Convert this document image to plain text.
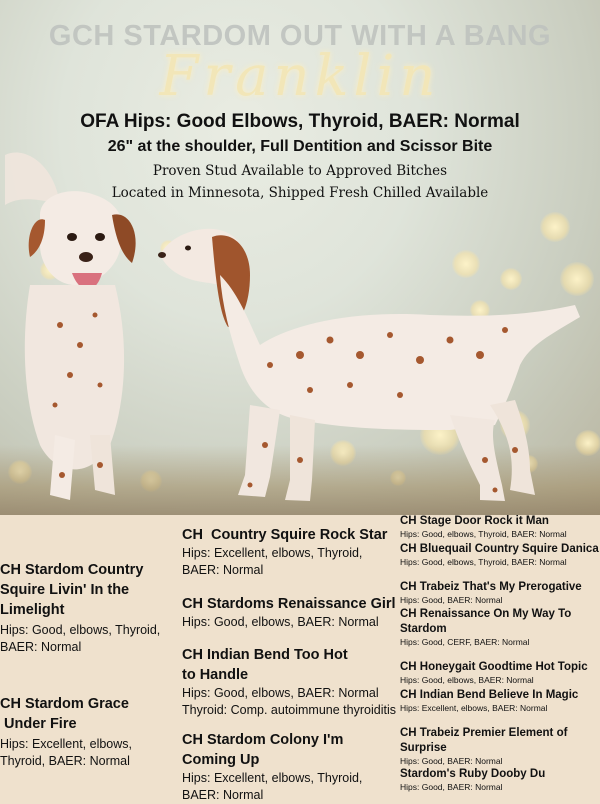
GCH STARDOM OUT WITH A BANG
Franklin
OFA Hips: Good Elbows, Thyroid, BAER: Normal
26" at the shoulder, Full Dentition and Scissor Bite
Proven Stud Available to Approved Bitches
Located in Minnesota, Shipped Fresh Chilled Available
CH Stardom Country
Squire Livin' In the
Limelight
Hips: Good, elbows, Thyroid,
BAER: Normal
CH Stardom Grace
Under Fire
Hips: Excellent, elbows,
Thyroid, BAER: Normal
CH  Country Squire Rock Star
Hips: Excellent, elbows, Thyroid,
BAER: Normal
CH Stardoms Renaissance Girl
Hips: Good, elbows, BAER: Normal
CH Indian Bend Too Hot
to Handle
Hips: Good, elbows, BAER: Normal
Thyroid: Comp. autoimmune thyroiditis
CH Stardom Colony I'm
Coming Up
Hips: Excellent, elbows, Thyroid,
BAER: Normal
CH Stage Door Rock it Man
Hips: Good, elbows, Thyroid, BAER: Normal
CH Bluequail Country Squire Danica
Hips: Good, elbows, Thyroid, BAER: Normal
CH Trabeiz That's My Prerogative
Hips: Good, BAER: Normal
CH Renaissance On My Way To
Stardom
Hips: Good, CERF, BAER: Normal
CH Honeygait Goodtime Hot Topic
Hips: Good, elbows, BAER: Normal
CH Indian Bend Believe In Magic
Hips: Excellent, elbows, BAER: Normal
CH Trabeiz Premier Element of
Surprise
Hips: Good, BAER: Normal
Stardom's Ruby Dooby Du
Hips: Good, BAER: Normal
